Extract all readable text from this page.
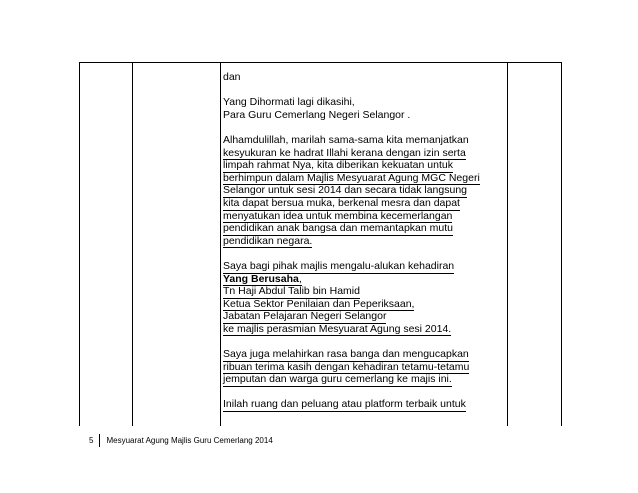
dan
Yang Dihormati lagi dikasihi,
Para Guru Cemerlang Negeri Selangor .
Alhamdulillah, marilah sama-sama kita memanjatkan
kesyukuran ke hadrat Illahi kerana dengan izin serta
limpah rahmat Nya, kita diberikan kekuatan untuk
berhimpun dalam Majlis Mesyuarat Agung MGC Negeri
Selangor untuk sesi 2014 dan secara tidak langsung
kita dapat bersua muka, berkenal mesra dan dapat
menyatukan idea untuk membina kecemerlangan
pendidikan anak bangsa dan memantapkan mutu
pendidikan negara.
Saya bagi pihak majlis mengalu-alukan kehadiran
Yang Berusaha,
Tn Haji Abdul Talib bin Hamid
Ketua Sektor Penilaian dan Peperiksaan,
Jabatan Pelajaran Negeri Selangor
ke majlis perasmian Mesyuarat Agung sesi 2014.
Saya juga melahirkan rasa banga dan mengucapkan
ribuan terima kasih dengan kehadiran tetamu-tetamu
jemputan dan warga guru cemerlang ke majis ini.
Inilah ruang dan peluang atau platform terbaik untuk
5	Mesyuarat Agung Majlis Guru Cemerlang 2014
